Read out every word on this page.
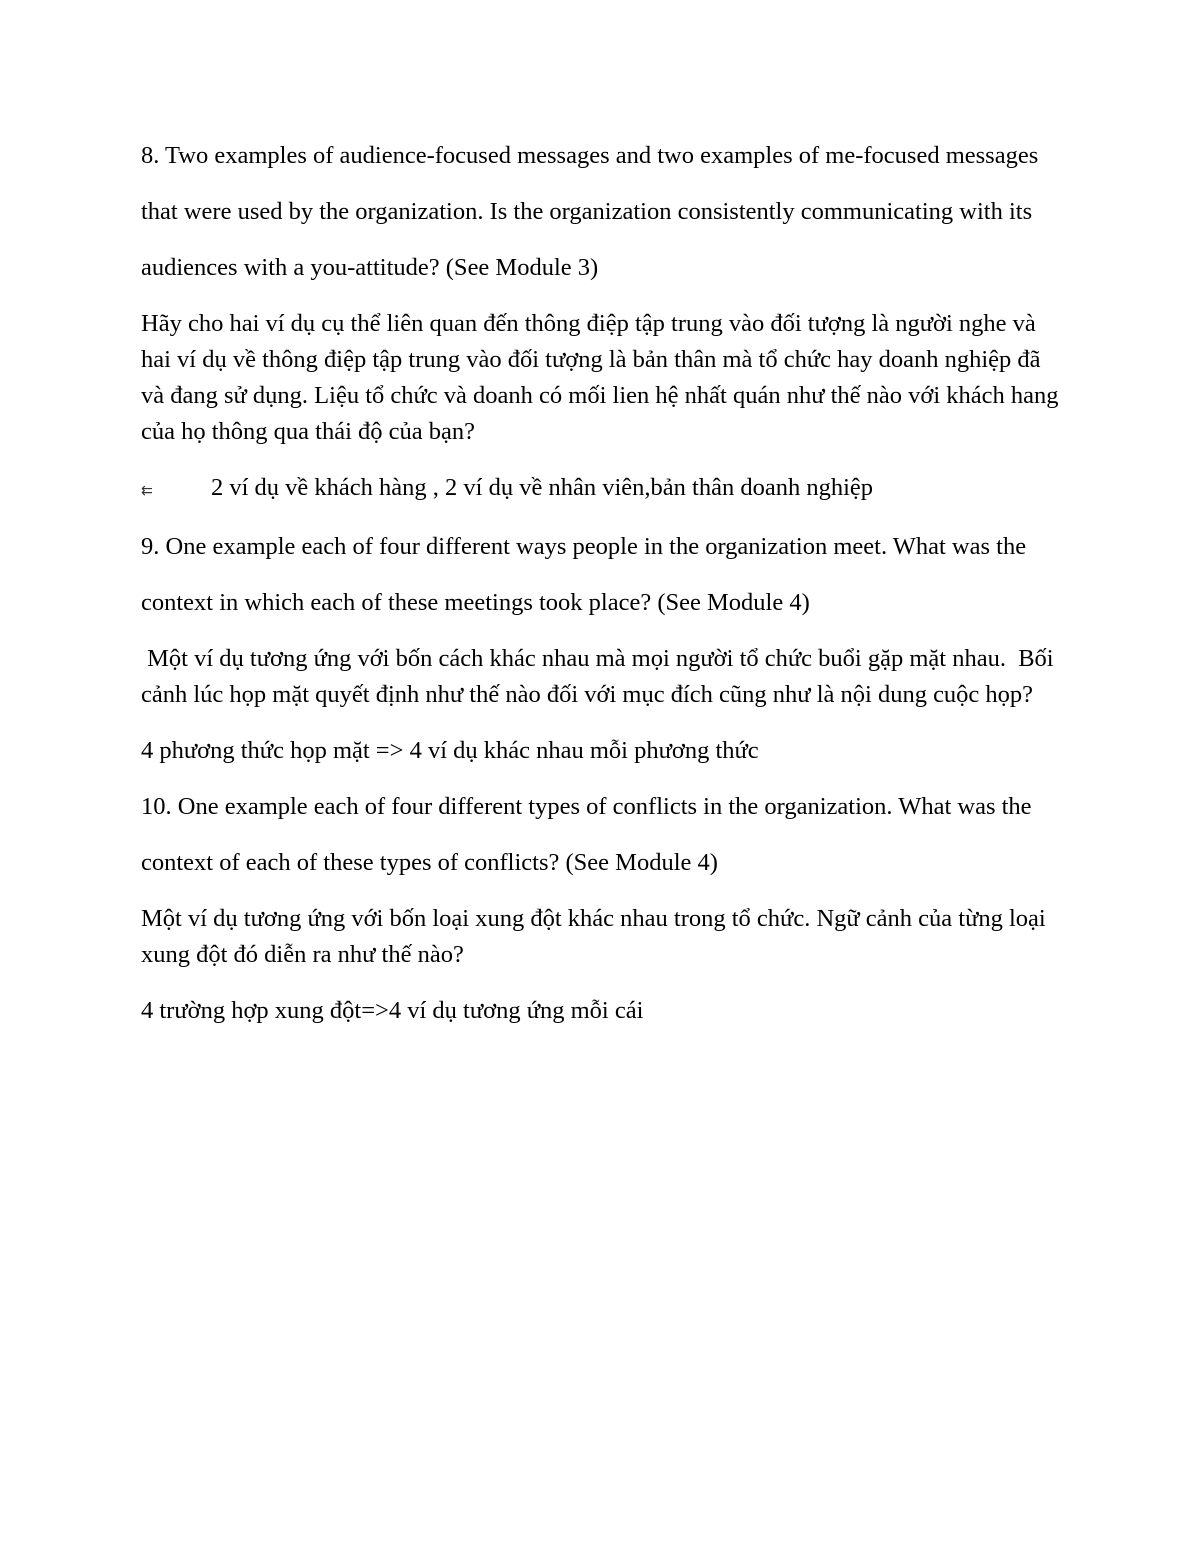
8. Two examples of audience-focused messages and two examples of me-focused messages

that were used by the organization. Is the organization consistently communicating with its

audiences with a you-attitude? (See Module 3)

Hãy cho hai ví dụ cụ thể liên quan đến thông điệp tập trung vào đối tượng là người nghe và hai ví dụ về thông điệp tập trung vào đối tượng là bản thân mà tổ chức hay doanh nghiệp đã và đang sử dụng. Liệu tổ chức và doanh có mối lien hệ nhất quán như thế nào với khách hang của họ thông qua thái độ của bạn?

⇇	2 ví dụ về khách hàng , 2 ví dụ về nhân viên,bản thân doanh nghiệp

9. One example each of four different ways people in the organization meet. What was the

context in which each of these meetings took place? (See Module 4)

Một ví dụ tương ứng với bốn cách khác nhau mà mọi người tổ chức buổi gặp mặt nhau.  Bối cảnh lúc họp mặt quyết định như thế nào đối với mục đích cũng như là nội dung cuộc họp?

4 phương thức họp mặt => 4 ví dụ khác nhau mỗi phương thức

10. One example each of four different types of conflicts in the organization. What was the

context of each of these types of conflicts? (See Module 4)

Một ví dụ tương ứng với bốn loại xung đột khác nhau trong tổ chức. Ngữ cảnh của từng loại xung đột đó diễn ra như thế nào?

4 trường hợp xung đột=>4 ví dụ tương ứng mỗi cái
